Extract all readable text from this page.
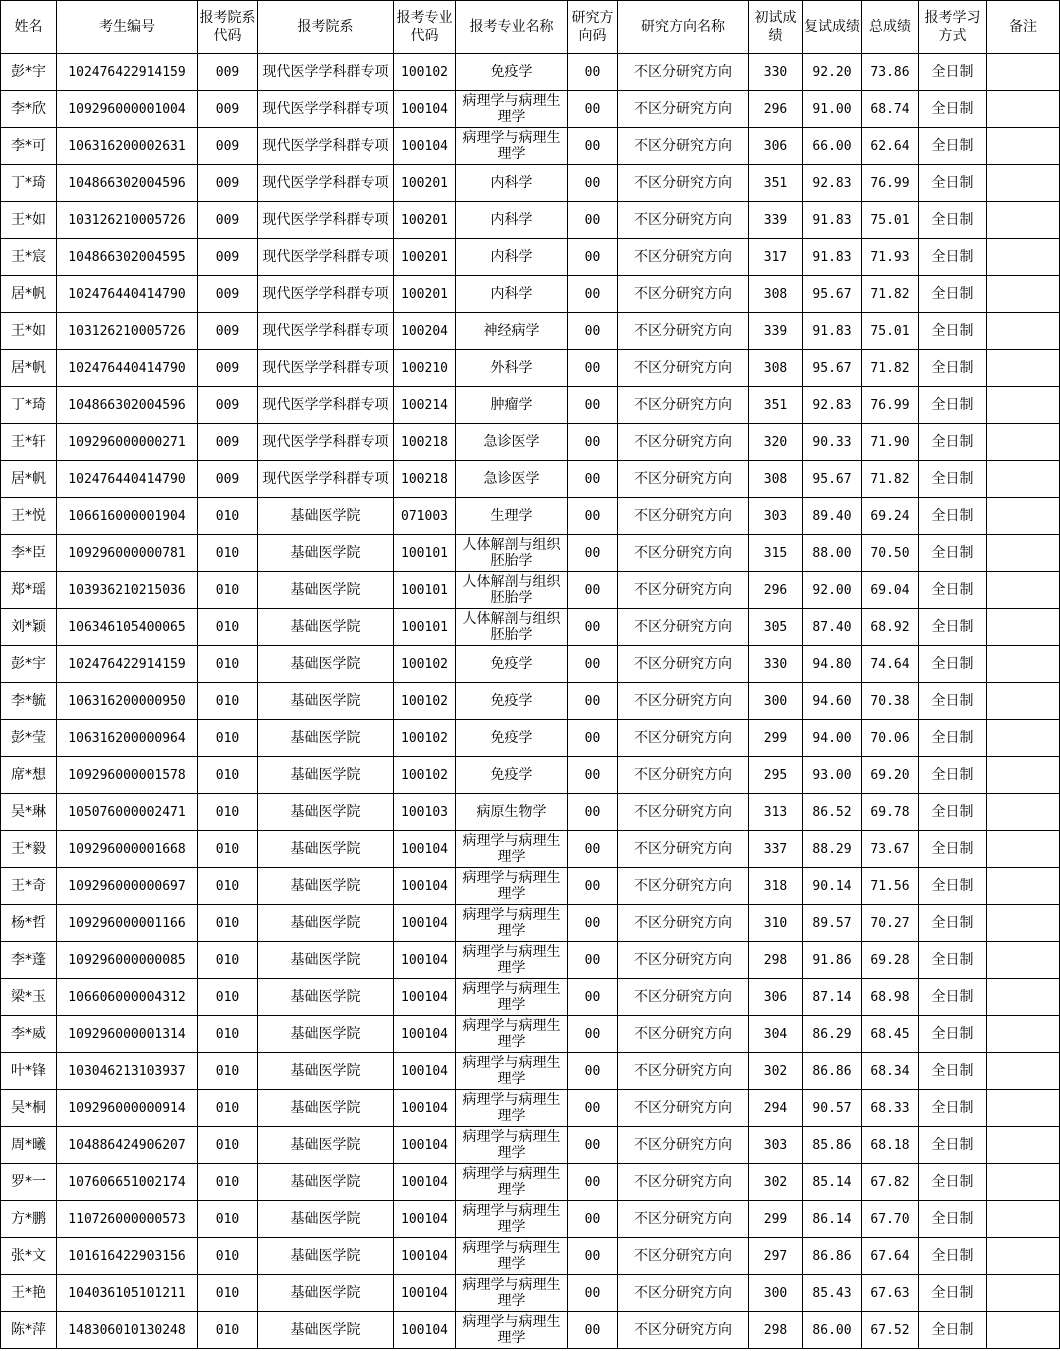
姓名	考生编号	报考院系代码	报考院系	报考专业代码	报考专业名称	研究方向码	研究方向名称	初试成绩	复试成绩	总成绩	报考学习方式	备注
彭*宇	102476422914159	009	现代医学学科群专项	100102	免疫学	00	不区分研究方向	330	92.20	73.86	全日制	
李*欣	109296000001004	009	现代医学学科群专项	100104	病理学与病理生理学	00	不区分研究方向	296	91.00	68.74	全日制	
李*可	106316200002631	009	现代医学学科群专项	100104	病理学与病理生理学	00	不区分研究方向	306	66.00	62.64	全日制	
丁*琦	104866302004596	009	现代医学学科群专项	100201	内科学	00	不区分研究方向	351	92.83	76.99	全日制	
王*如	103126210005726	009	现代医学学科群专项	100201	内科学	00	不区分研究方向	339	91.83	75.01	全日制	
王*宸	104866302004595	009	现代医学学科群专项	100201	内科学	00	不区分研究方向	317	91.83	71.93	全日制	
居*帆	102476440414790	009	现代医学学科群专项	100201	内科学	00	不区分研究方向	308	95.67	71.82	全日制	
王*如	103126210005726	009	现代医学学科群专项	100204	神经病学	00	不区分研究方向	339	91.83	75.01	全日制	
居*帆	102476440414790	009	现代医学学科群专项	100210	外科学	00	不区分研究方向	308	95.67	71.82	全日制	
丁*琦	104866302004596	009	现代医学学科群专项	100214	肿瘤学	00	不区分研究方向	351	92.83	76.99	全日制	
王*轩	109296000000271	009	现代医学学科群专项	100218	急诊医学	00	不区分研究方向	320	90.33	71.90	全日制	
居*帆	102476440414790	009	现代医学学科群专项	100218	急诊医学	00	不区分研究方向	308	95.67	71.82	全日制	
王*悦	106616000001904	010	基础医学院	071003	生理学	00	不区分研究方向	303	89.40	69.24	全日制	
李*臣	109296000000781	010	基础医学院	100101	人体解剖与组织胚胎学	00	不区分研究方向	315	88.00	70.50	全日制	
郑*瑶	103936210215036	010	基础医学院	100101	人体解剖与组织胚胎学	00	不区分研究方向	296	92.00	69.04	全日制	
刘*颖	106346105400065	010	基础医学院	100101	人体解剖与组织胚胎学	00	不区分研究方向	305	87.40	68.92	全日制	
彭*宇	102476422914159	010	基础医学院	100102	免疫学	00	不区分研究方向	330	94.80	74.64	全日制	
李*毓	106316200000950	010	基础医学院	100102	免疫学	00	不区分研究方向	300	94.60	70.38	全日制	
彭*莹	106316200000964	010	基础医学院	100102	免疫学	00	不区分研究方向	299	94.00	70.06	全日制	
席*想	109296000001578	010	基础医学院	100102	免疫学	00	不区分研究方向	295	93.00	69.20	全日制	
吴*琳	105076000002471	010	基础医学院	100103	病原生物学	00	不区分研究方向	313	86.52	69.78	全日制	
王*毅	109296000001668	010	基础医学院	100104	病理学与病理生理学	00	不区分研究方向	337	88.29	73.67	全日制	
王*奇	109296000000697	010	基础医学院	100104	病理学与病理生理学	00	不区分研究方向	318	90.14	71.56	全日制	
杨*哲	109296000001166	010	基础医学院	100104	病理学与病理生理学	00	不区分研究方向	310	89.57	70.27	全日制	
李*蓬	109296000000085	010	基础医学院	100104	病理学与病理生理学	00	不区分研究方向	298	91.86	69.28	全日制	
梁*玉	106606000004312	010	基础医学院	100104	病理学与病理生理学	00	不区分研究方向	306	87.14	68.98	全日制	
李*威	109296000001314	010	基础医学院	100104	病理学与病理生理学	00	不区分研究方向	304	86.29	68.45	全日制	
叶*锋	103046213103937	010	基础医学院	100104	病理学与病理生理学	00	不区分研究方向	302	86.86	68.34	全日制	
吴*桐	109296000000914	010	基础医学院	100104	病理学与病理生理学	00	不区分研究方向	294	90.57	68.33	全日制	
周*曦	104886424906207	010	基础医学院	100104	病理学与病理生理学	00	不区分研究方向	303	85.86	68.18	全日制	
罗*一	107606651002174	010	基础医学院	100104	病理学与病理生理学	00	不区分研究方向	302	85.14	67.82	全日制	
方*鹏	110726000000573	010	基础医学院	100104	病理学与病理生理学	00	不区分研究方向	299	86.14	67.70	全日制	
张*文	101616422903156	010	基础医学院	100104	病理学与病理生理学	00	不区分研究方向	297	86.86	67.64	全日制	
王*艳	104036105101211	010	基础医学院	100104	病理学与病理生理学	00	不区分研究方向	300	85.43	67.63	全日制	
陈*萍	148306010130248	010	基础医学院	100104	病理学与病理生理学	00	不区分研究方向	298	86.00	67.52	全日制	
